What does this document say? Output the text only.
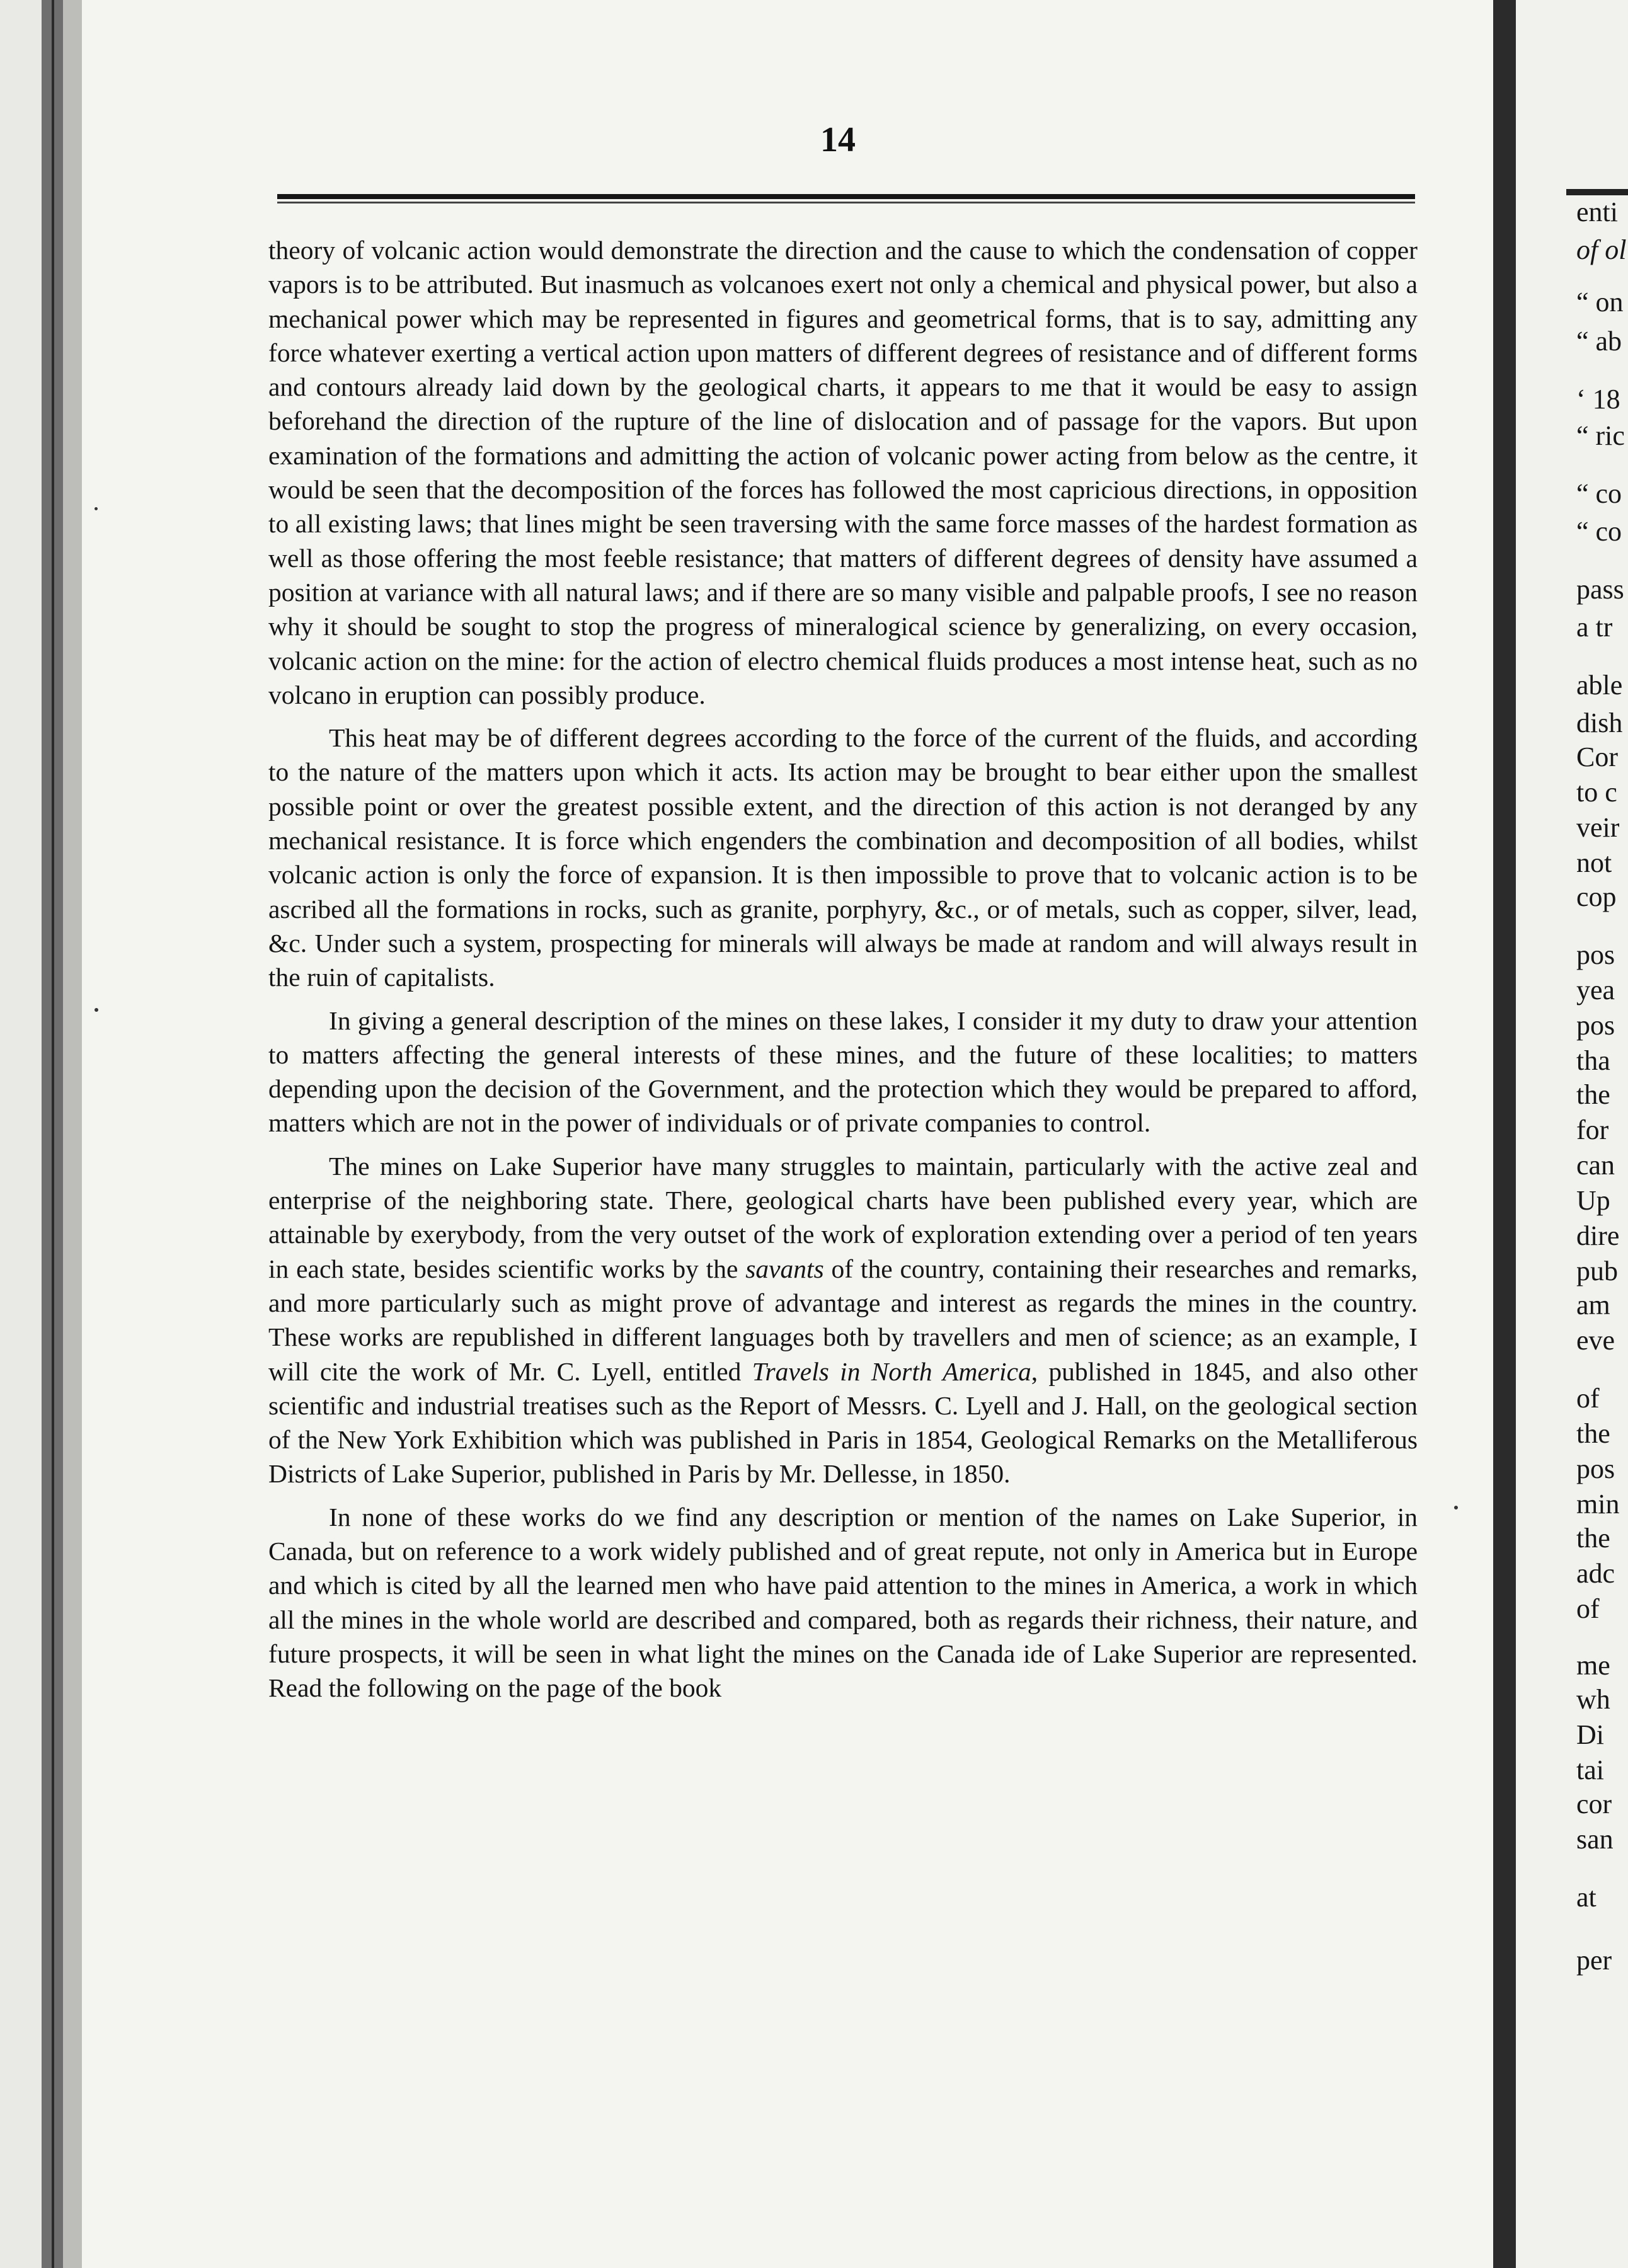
14

theory of volcanic action would demonstrate the direction and the cause to which the condensation of copper vapors is to be attributed. But inasmuch as volcanoes exert not only a chemical and physical power, but also a mechanical power which may be represented in figures and geometrical forms, that is to say, admitting any force whatever exerting a vertical action upon matters of different degrees of resistance and of different forms and contours already laid down by the geological charts, it appears to me that it would be easy to assign beforehand the direction of the rupture of the line of dislocation and of passage for the vapors. But upon examination of the formations and admitting the action of volcanic power acting from below as the centre, it would be seen that the decomposition of the forces has followed the most capricious directions, in opposition to all existing laws; that lines might be seen traversing with the same force masses of the hardest formation as well as those offering the most feeble resistance; that matters of different degrees of density have assumed a position at variance with all natural laws; and if there are so many visible and palpable proofs, I see no reason why it should be sought to stop the progress of mineralogical science by generalizing, on every occasion, volcanic action on the mine: for the action of electro chemical fluids produces a most intense heat, such as no volcano in eruption can possibly produce.

This heat may be of different degrees according to the force of the current of the fluids, and according to the nature of the matters upon which it acts. Its action may be brought to bear either upon the smallest possible point or over the greatest possible extent, and the direction of this action is not deranged by any mechanical resistance. It is force which engenders the combination and decomposition of all bodies, whilst volcanic action is only the force of expansion. It is then impossible to prove that to volcanic action is to be ascribed all the formations in rocks, such as granite, porphyry, &c., or of metals, such as copper, silver, lead, &c. Under such a system, prospecting for minerals will always be made at random and will always result in the ruin of capitalists.

In giving a general description of the mines on these lakes, I consider it my duty to draw your attention to matters affecting the general interests of these mines, and the future of these localities; to matters depending upon the decision of the Government, and the protection which they would be prepared to afford, matters which are not in the power of individuals or of private companies to control.

The mines on Lake Superior have many struggles to maintain, particularly with the active zeal and enterprise of the neighboring state. There, geological charts have been published every year, which are attainable by exerybody, from the very outset of the work of exploration extending over a period of ten years in each state, besides scientific works by the savants of the country, containing their researches and remarks, and more particularly such as might prove of advantage and interest as regards the mines in the country. These works are republished in different languages both by travellers and men of science; as an example, I will cite the work of Mr. C. Lyell, entitled Travels in North America, published in 1845, and also other scientific and industrial treatises such as the Report of Messrs. C. Lyell and J. Hall, on the geological section of the New York Exhibition which was published in Paris in 1854, Geological Remarks on the Metalliferous Districts of Lake Superior, published in Paris by Mr. Dellesse, in 1850.

In none of these works do we find any description or mention of the names on Lake Superior, in Canada, but on reference to a work widely published and of great repute, not only in America but in Europe and which is cited by all the learned men who have paid attention to the mines in America, a work in which all the mines in the whole world are described and compared, both as regards their richness, their nature, and future prospects, it will be seen in what light the mines on the Canada ide of Lake Superior are represented. Read the following on the page of the book

enti
of ol
“ on
“ ab
‘ 18
“ ric
“ co
“ co
pass
a tr
able
dish
Cor
to c
veir
not
cop
pos
yea
pos
tha
the
for
can
Up
dire
pub
am
eve
of
the
pos
min
the
adc
of
me
wh
Di
tai
cor
san
at
per
